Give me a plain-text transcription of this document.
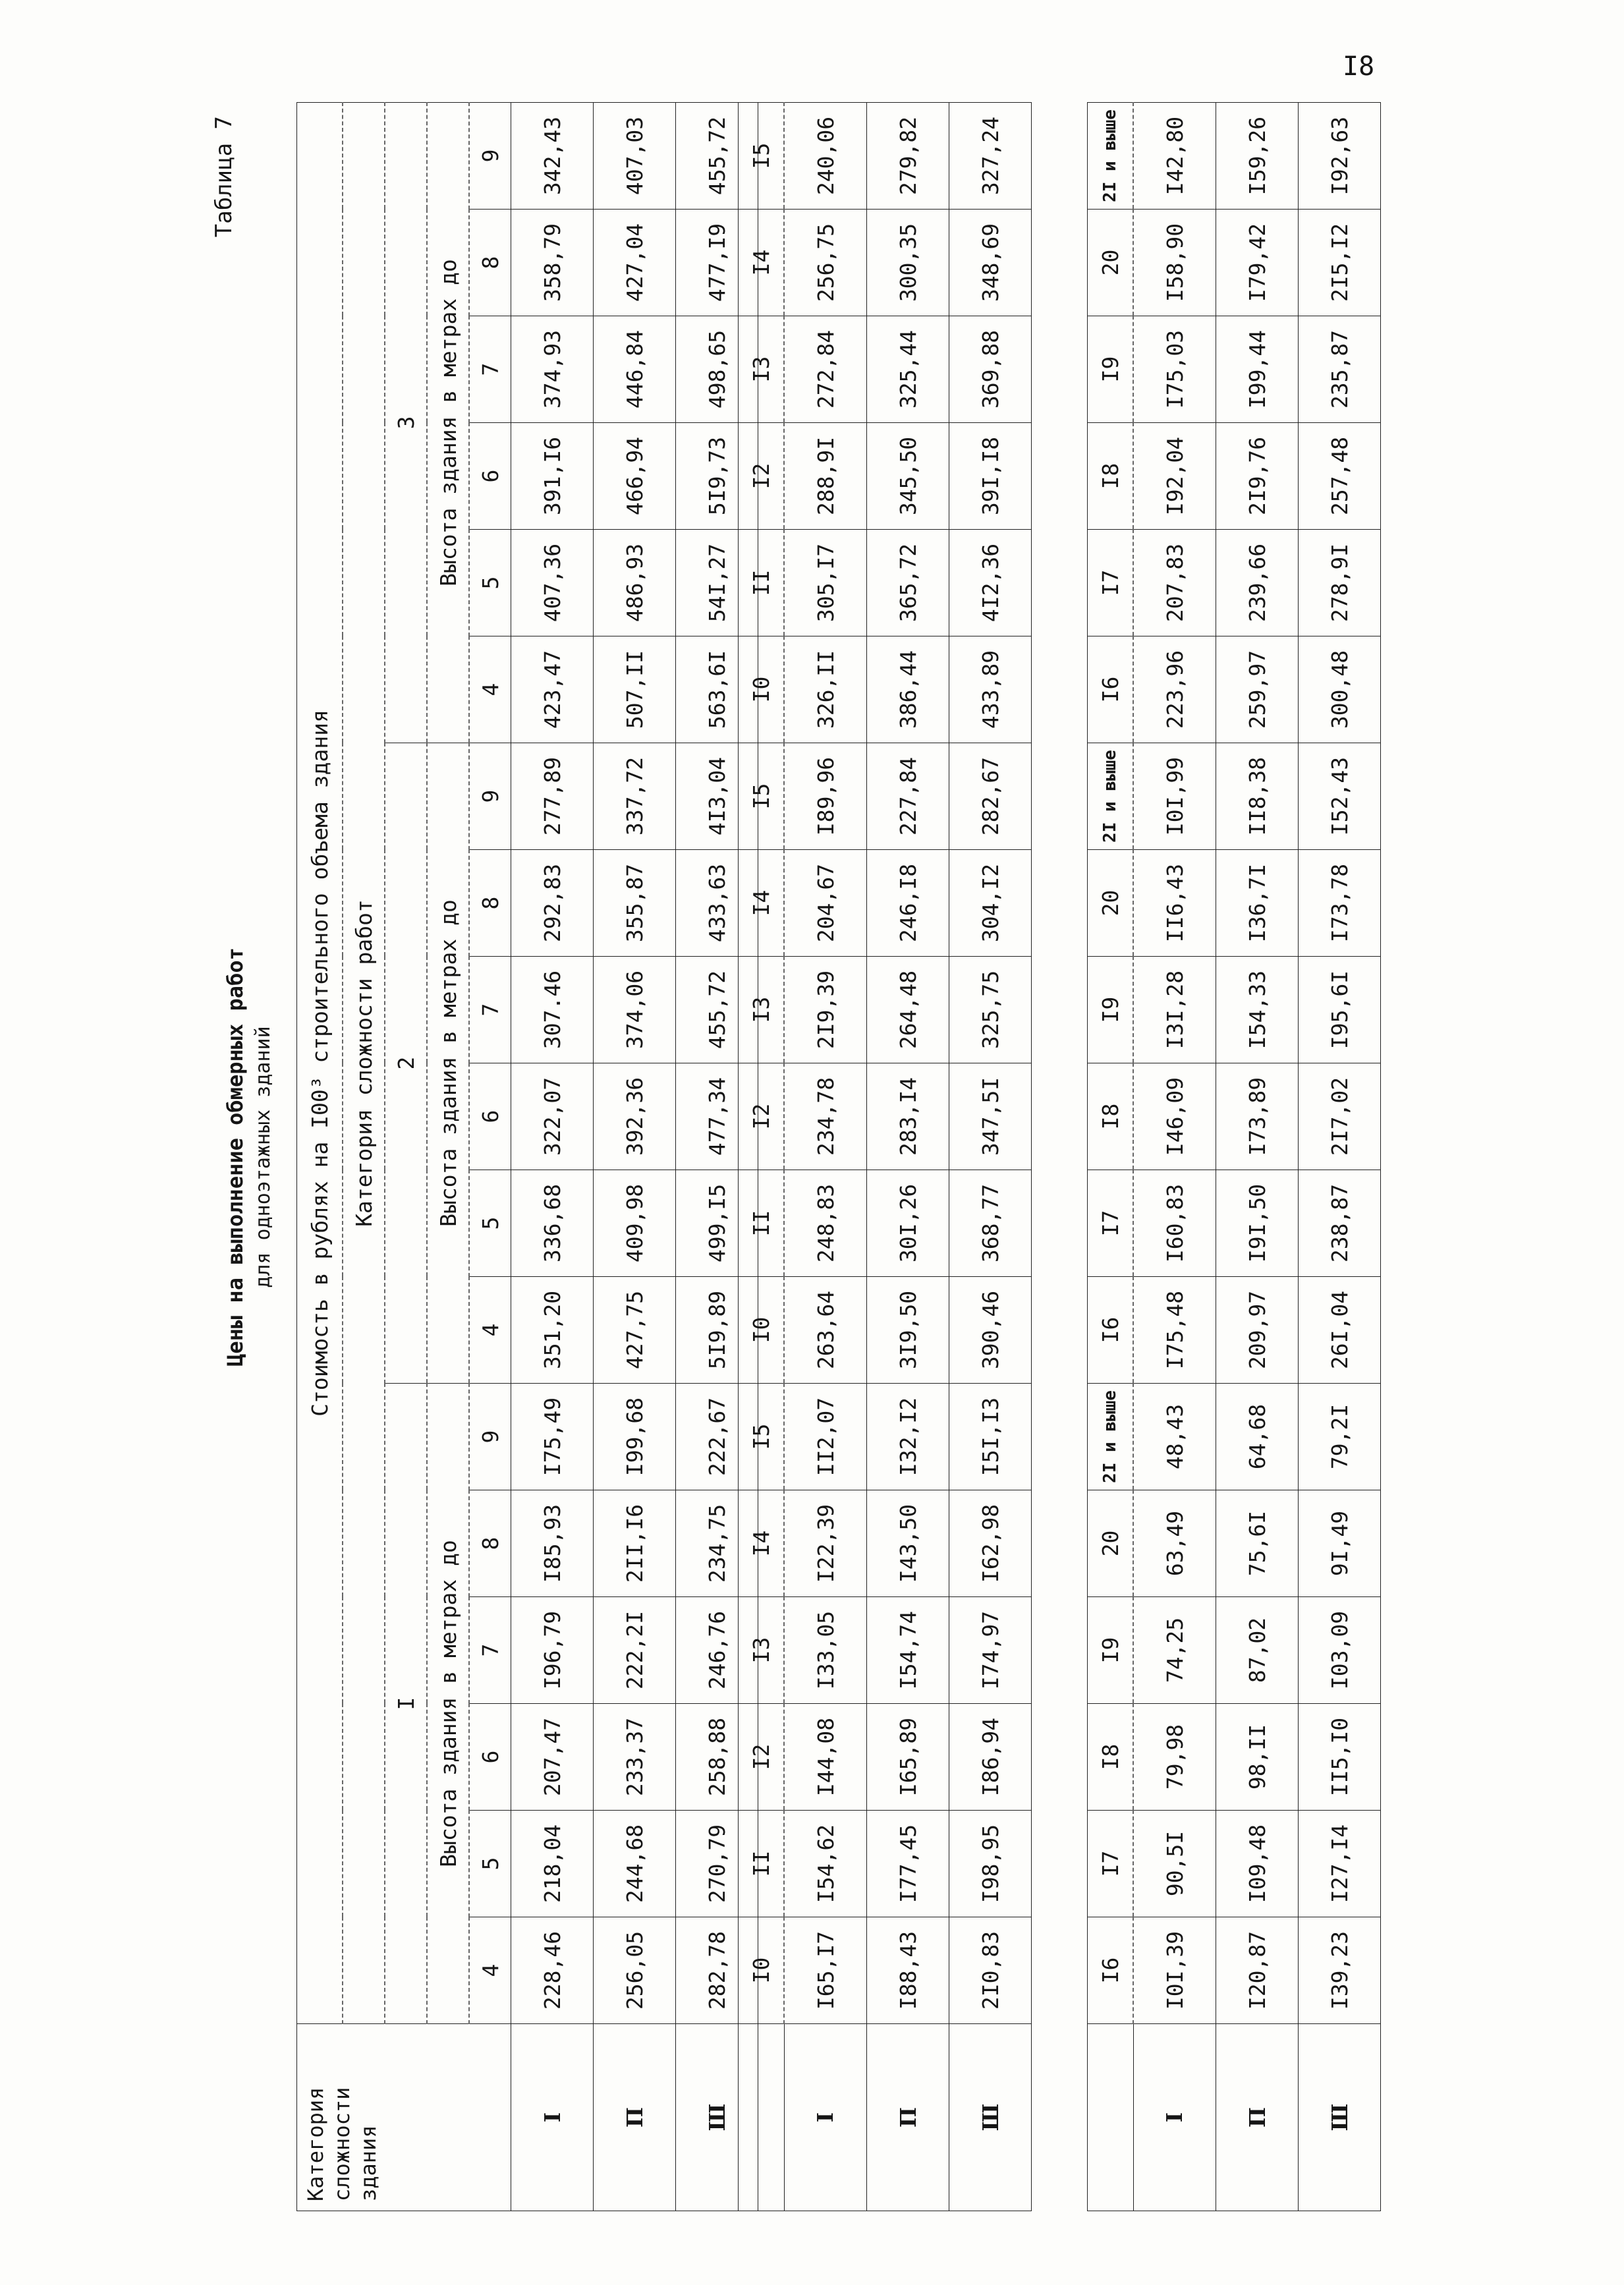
I8
Таблица 7
Цены на выполнение обмерных работ для одноэтажных зданий
Категория сложности здания	Стоимость в рублях на I00³ строительного объема здания																	
	Категория сложности работ																	
	I						2						3					
	Высота здания в метрах до						Высота здания в метрах до						Высота здания в метрах до					
	4	5	6	7	8	9	4	5	6	7	8	9	4	5	6	7	8	9
I	228,46	218,04	207,47	I96,79	I85,93	I75,49	351,20	336,68	322,07	307.46	292,83	277,89	423,47	407,36	391,I6	374,93	358,79	342,43
П	256,05	244,68	233,37	222,2I	2II,I6	I99,68	427,75	409,98	392,36	374,06	355,87	337,72	507,II	486,93	466,94	446,84	427,04	407,03
Ш	282,78	270,79	258,88	246,76	234,75	222,67	5I9,89	499,I5	477,34	455,72	433,63	4I3,04	563,6I	54I,27	5I9,73	498,65	477,I9	455,72
	I0	II	I2	I3	I4	I5	I0	II	I2	I3	I4	I5	I0	II	I2	I3	I4	I5
I	I65,I7	I54,62	I44,08	I33,05	I22,39	II2,07	263,64	248,83	234,78	2I9,39	204,67	I89,96	326,II	305,I7	288,9I	272,84	256,75	240,06
П	I88,43	I77,45	I65,89	I54,74	I43,50	I32,I2	3I9,50	30I,26	283,I4	264,48	246,I8	227,84	386,44	365,72	345,50	325,44	300,35	279,82
Ш	2I0,83	I98,95	I86,94	I74,97	I62,98	I5I,I3	390,46	368,77	347,5I	325,75	304,I2	282,67	433,89	4I2,36	39I,I8	369,88	348,69	327,24
	I6	I7	I8	I9	20	2I и выше	I6	I7	I8	I9	20	2I и выше	I6	I7	I8	I9	20	2I и выше
I	I0I,39	90,5I	79,98	74,25	63,49	48,43	I75,48	I60,83	I46,09	I3I,28	II6,43	I0I,99	223,96	207,83	I92,04	I75,03	I58,90	I42,80
П	I20,87	I09,48	98,II	87,02	75,6I	64,68	209,97	I9I,50	I73,89	I54,33	I36,7I	II8,38	259,97	239,66	2I9,76	I99,44	I79,42	I59,26
Ш	I39,23	I27,I4	II5,I0	I03,09	9I,49	79,2I	26I,04	238,87	2I7,02	I95,6I	I73,78	I52,43	300,48	278,9I	257,48	235,87	2I5,I2	I92,63
